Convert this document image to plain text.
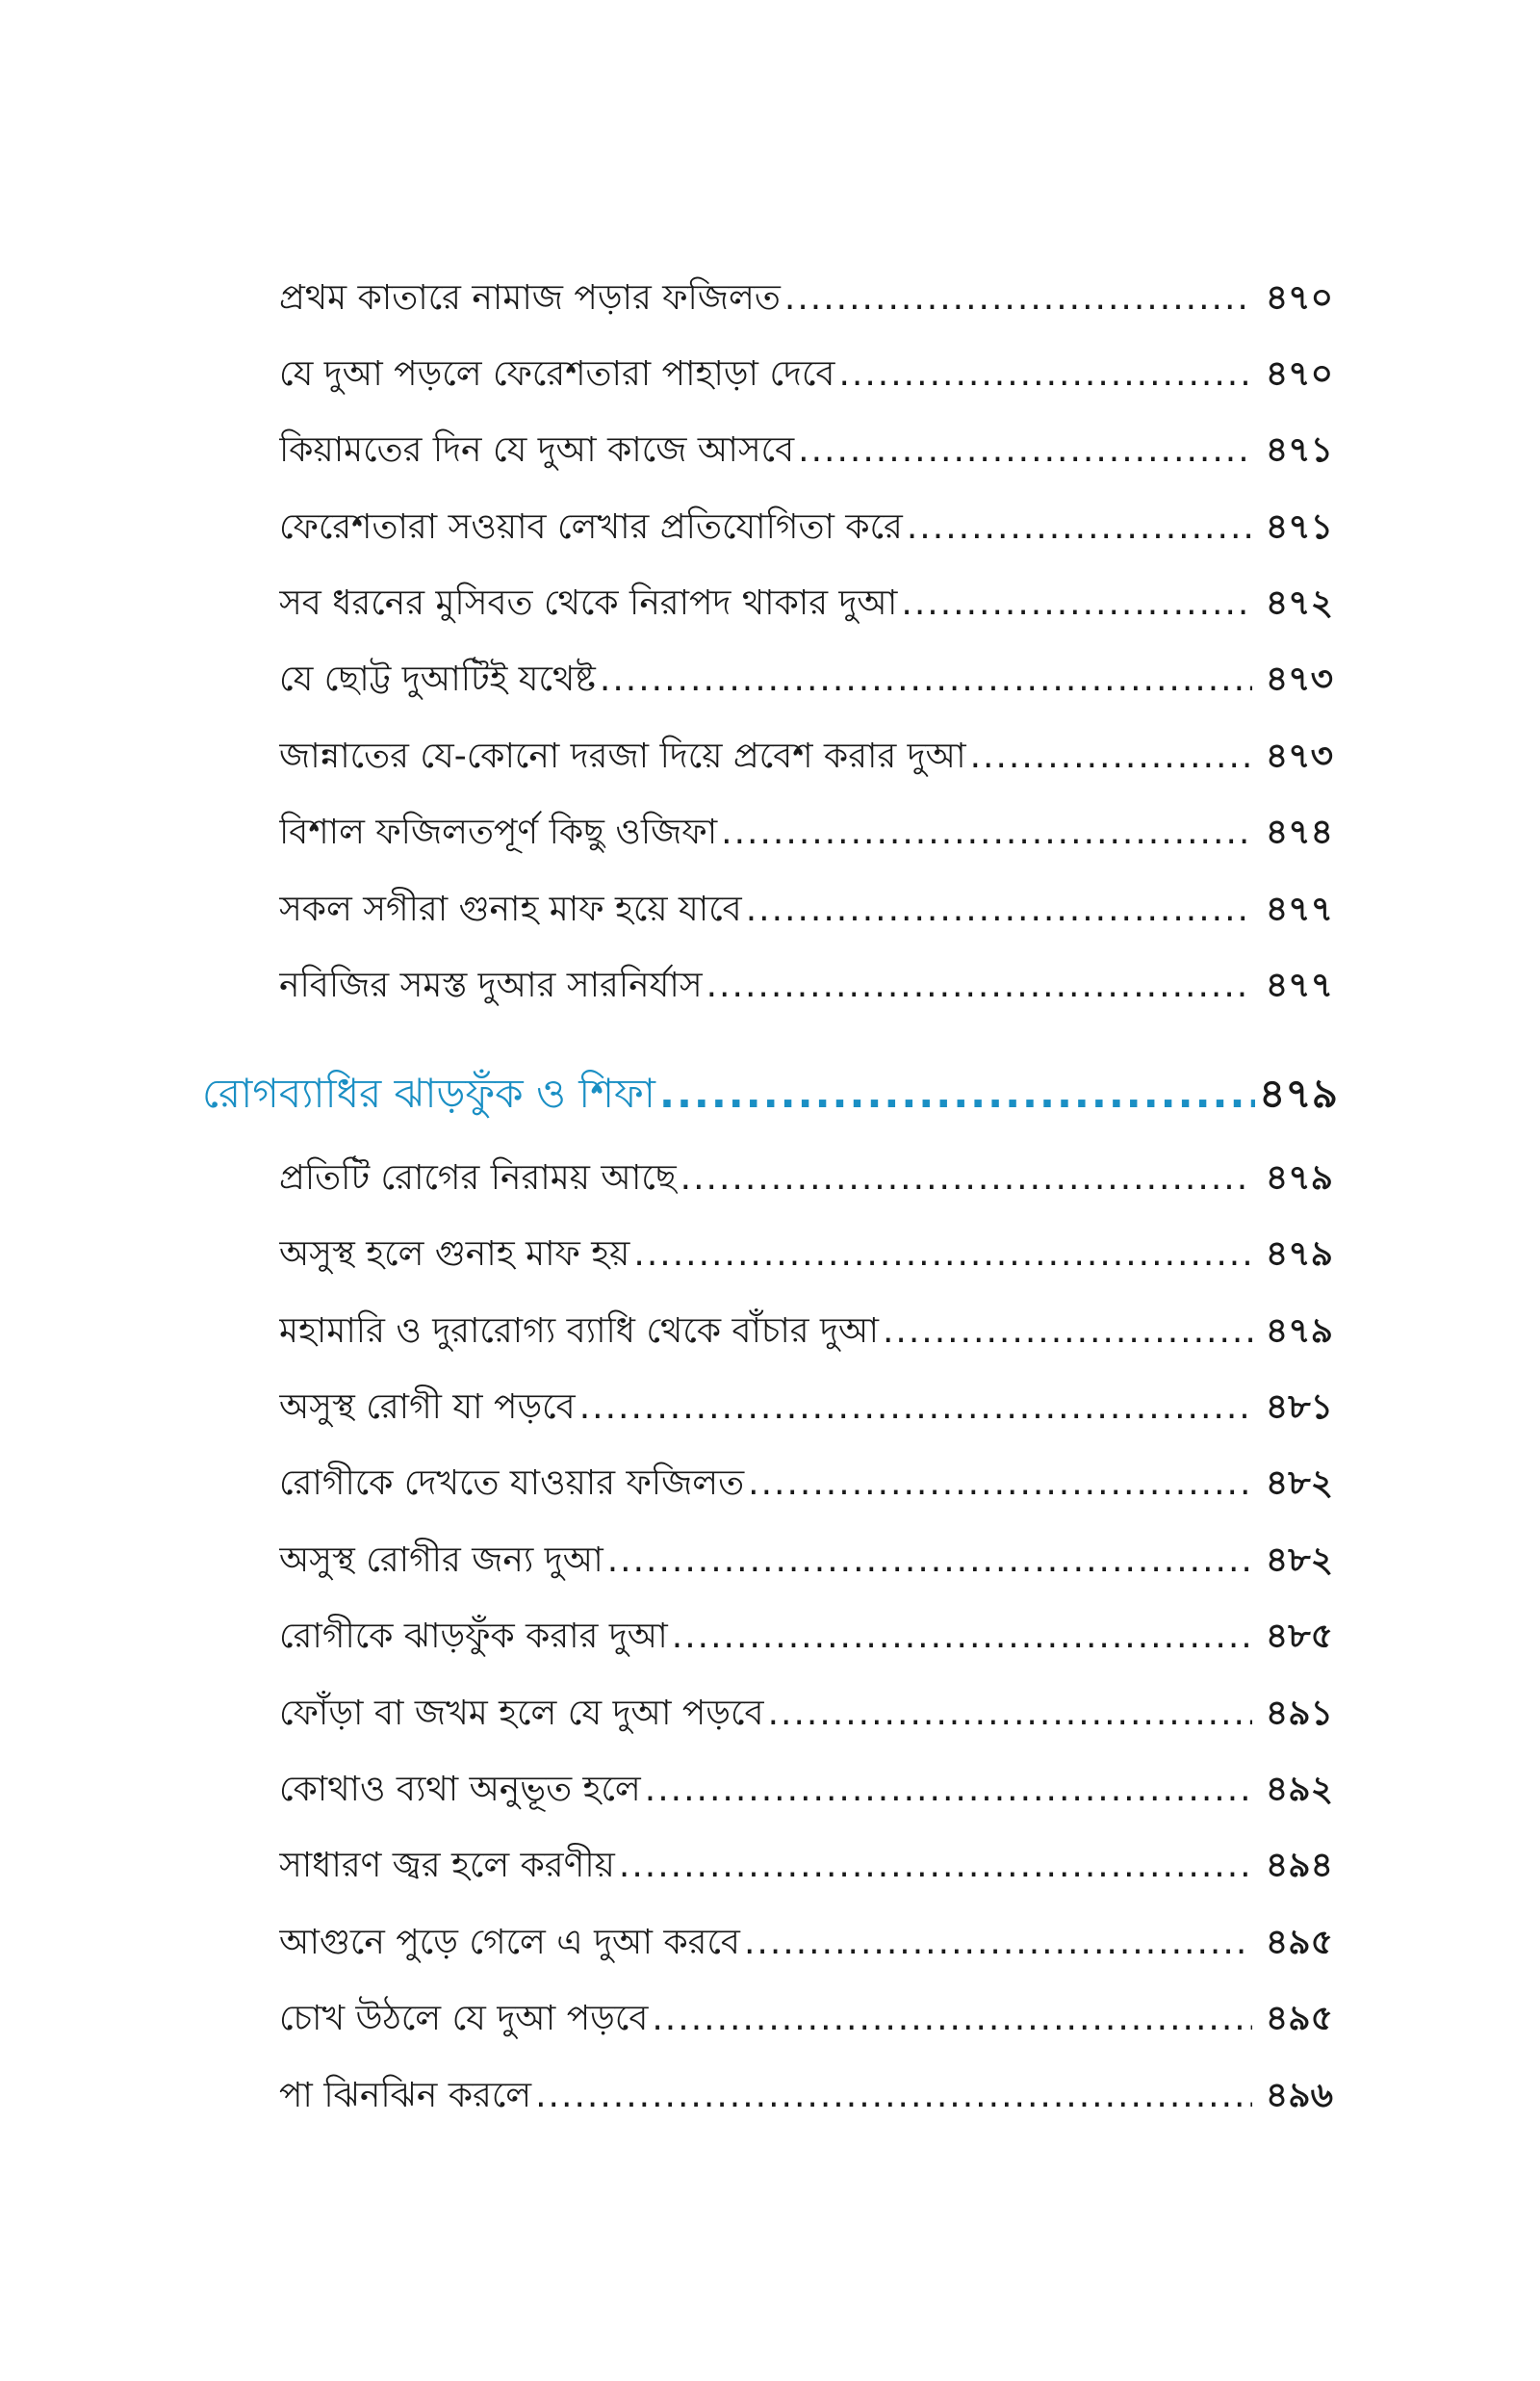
প্রথম কাতারে নামাজ পড়ার ফজিলত .....	৪৭০
যে দুআ পড়লে ফেরেশতারা পাহাড়া দেবে .....	৪৭০
কিয়ামতের দিন যে দুআ কাজে আসবে .....	৪৭১
ফেরেশতারা সওয়াব লেখার প্রতিযোগিতা করে .....	৪৭১
সব ধরনের মুসিবত থেকে নিরাপদ থাকার দুআ .....	৪৭২
যে ছোট্ট দুআটিই যথেষ্ট .....	৪৭৩
জান্নাতের যে-কোনো দরজা দিয়ে প্রবেশ করার দুআ .....	৪৭৩
বিশাল ফজিলতপূর্ণ কিছু ওজিফা .....	৪৭৪
সকল সগীরা গুনাহ মাফ হয়ে যাবে .....	৪৭৭
নবিজির সমস্ত দুআর সারনির্যাস .....	৪৭৭
রোগব্যাধির ঝাড়ফুঁক ও শিফা .....	৪৭৯
প্রতিটি রোগের নিরাময় আছে .....	৪৭৯
অসুস্থ হলে গুনাহ মাফ হয় .....	৪৭৯
মহামারি ও দুরারোগ্য ব্যাধি থেকে বাঁচার দুআ .....	৪৭৯
অসুস্থ রোগী যা পড়বে .....	৪৮১
রোগীকে দেখতে যাওয়ার ফজিলত .....	৪৮২
অসুস্থ রোগীর জন্য দুআ .....	৪৮২
রোগীকে ঝাড়ফুঁক করার দুআ .....	৪৮৫
ফোঁড়া বা জখম হলে যে দুআ পড়বে .....	৪৯১
কোথাও ব্যথা অনুভূত হলে .....	৪৯২
সাধারণ জ্বর হলে করণীয় .....	৪৯৪
আগুনে পুড়ে গেলে এ দুআ করবে .....	৪৯৫
চোখ উঠলে যে দুআ পড়বে .....	৪৯৫
পা ঝিনঝিন করলে .....	৪৯৬
